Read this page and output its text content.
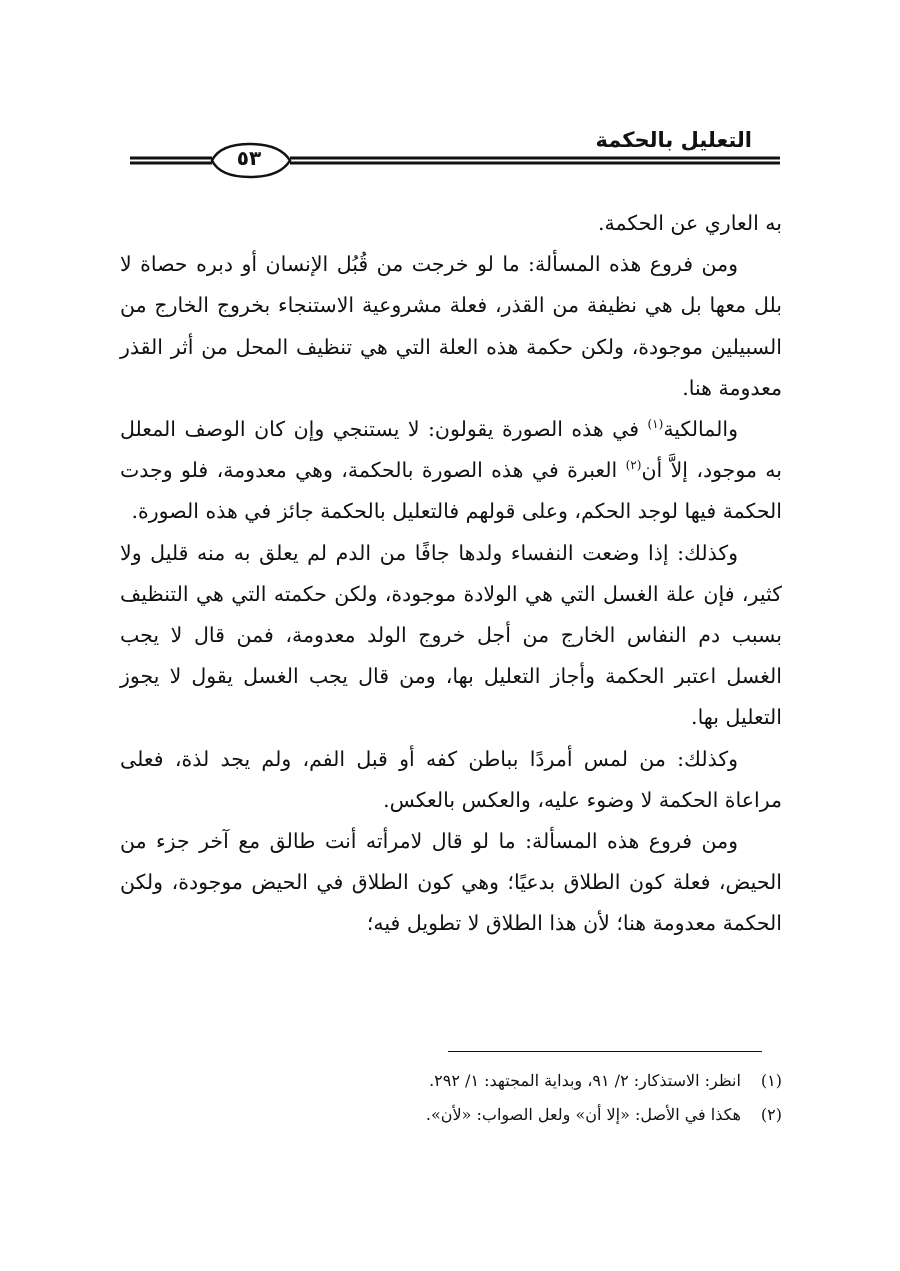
التعليل بالحكمة
٥٣

به العاري عن الحكمة.

ومن فروع هذه المسألة: ما لو خرجت من قُبُل الإنسان أو دبره حصاة لا بلل معها بل هي نظيفة من القذر، فعلة مشروعية الاستنجاء بخروج الخارج من السبيلين موجودة، ولكن حكمة هذه العلة التي هي تنظيف المحل من أثر القذر معدومة هنا.

والمالكية$^{(١)}$ في هذه الصورة يقولون: لا يستنجي وإن كان الوصف المعلل به موجود، إلاَّ أن$^{(٢)}$ العبرة في هذه الصورة بالحكمة، وهي معدومة، فلو وجدت الحكمة فيها لوجد الحكم، وعلى قولهم فالتعليل بالحكمة جائز في هذه الصورة.

وكذلك: إذا وضعت النفساء ولدها جافًا من الدم لم يعلق به منه قليل ولا كثير، فإن علة الغسل التي هي الولادة موجودة، ولكن حكمته التي هي التنظيف بسبب دم النفاس الخارج من أجل خروج الولد معدومة، فمن قال لا يجب الغسل اعتبر الحكمة وأجاز التعليل بها، ومن قال يجب الغسل يقول لا يجوز التعليل بها.

وكذلك: من لمس أمردًا بباطن كفه أو قبل الفم، ولم يجد لذة، فعلى مراعاة الحكمة لا وضوء عليه، والعكس بالعكس.

ومن فروع هذه المسألة: ما لو قال لامرأته أنت طالق مع آخر جزء من الحيض، فعلة كون الطلاق بدعيًا؛ وهي كون الطلاق في الحيض موجودة، ولكن الحكمة معدومة هنا؛ لأن هذا الطلاق لا تطويل فيه؛

(١) انظر: الاستذكار: ٢/ ٩١، وبداية المجتهد: ١/ ٢٩٢.
(٢) هكذا في الأصل: «إلا أن» ولعل الصواب: «لأن».
